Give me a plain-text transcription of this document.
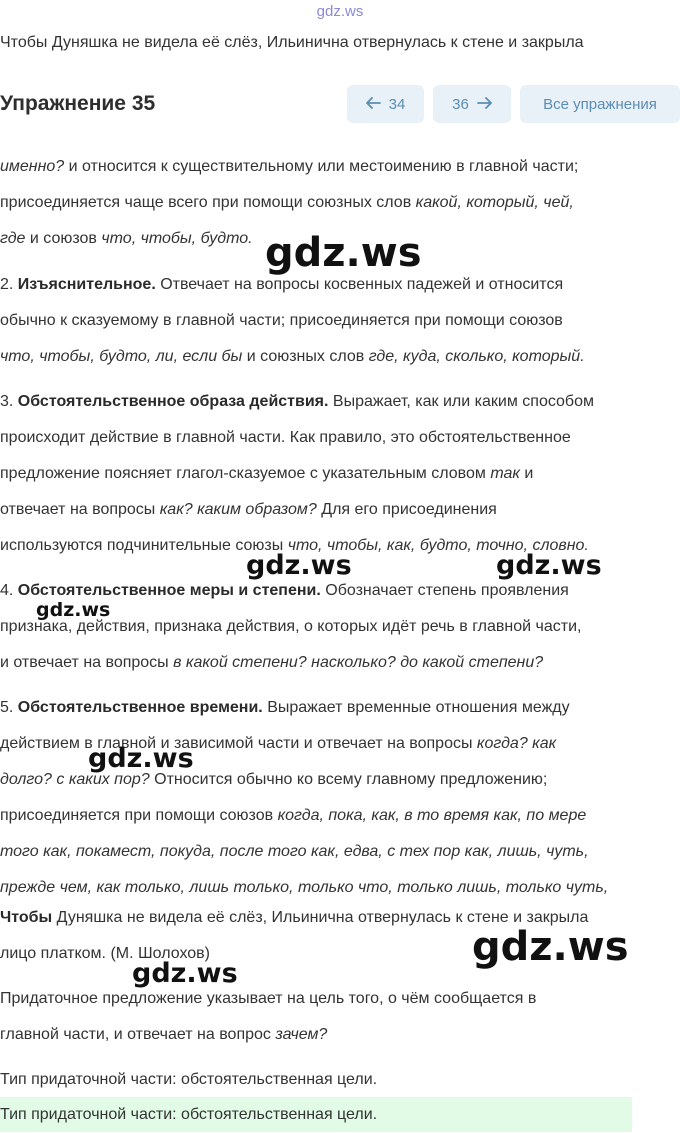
gdz.ws
Чтобы Дуняшка не видела её слёз, Ильинична отвернулась к стене и закрыла
именно? и относится к существительному или местоимению в главной части;
присоединяется чаще всего при помощи союзных слов какой, который, чей,
где и союзов что, чтобы, будто.
2. Изъяснительное. Отвечает на вопросы косвенных падежей и относится
обычно к сказуемому в главной части; присоединяется при помощи союзов
что, чтобы, будто, ли, если бы и союзных слов где, куда, сколько, который.
3. Обстоятельственное образа действия. Выражает, как или каким способом
происходит действие в главной части. Как правило, это обстоятельственное
предложение поясняет глагол-сказуемое с указательным словом так и
отвечает на вопросы как? каким образом? Для его присоединения
используются подчинительные союзы что, чтобы, как, будто, точно, словно.
4. Обстоятельственное меры и степени. Обозначает степень проявления
признака, действия, признака действия, о которых идёт речь в главной части,
и отвечает на вопросы в какой степени? насколько? до какой степени?
5. Обстоятельственное времени. Выражает временные отношения между
действием в главной и зависимой части и отвечает на вопросы когда? как
долго? с каких пор? Относится обычно ко всему главному предложению;
присоединяется при помощи союзов когда, пока, как, в то время как, по мере
того как, покамест, покуда, после того как, едва, с тех пор как, лишь, чуть,
прежде чем, как только, лишь только, только что, только лишь, только чуть,
Чтобы Дуняшка не видела её слёз, Ильинична отвернулась к стене и закрыла
лицо платком. (М. Шолохов)
Придаточное предложение указывает на цель того, о чём сообщается в
главной части, и отвечает на вопрос зачем?
Тип придаточной части: обстоятельственная цели.
Тип придаточной части: обстоятельственная цели.
gdz.ws
gdz.ws	gdz.ws
gdz.ws
gdz.ws
gdz.ws
gdz.ws
Упражнение 35	34	36	Все упражнения
